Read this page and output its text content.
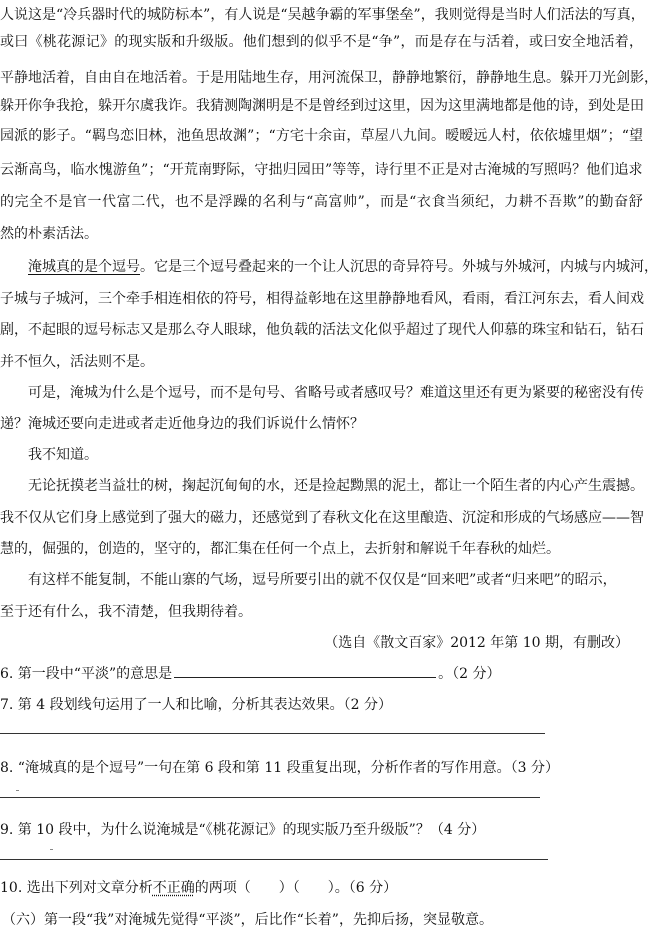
人 说 这 是 “ 冷 兵 器 时 代 的 城 防 标 本 ” ， 有 人 说 是 “ 吴 越 争 霸 的 军 事 堡 垒 ” ， 我 则 觉 得 是 当 时 人 们 活 法 的 写 真 ，
或 曰 《 桃 花 源 记 》 的 现 实 版 和 升 级 版 。 他 们 想 到 的 似 乎 不 是 “ 争 ” ， 而 是 存 在 与 活 着 ， 或 曰 安 全 地 活 着 ，
平 静 地 活 着 ， 自 由 自 在 地 活 着 。 于 是 用 陆 地 生 存 ， 用 河 流 保 卫 ， 静 静 地 繁 衍 ， 静 静 地 生 息 。 躲 开 刀 光 剑 影 ，
躲 开 你 争 我 抢 ， 躲 开 尔 虞 我 诈 。 我 猜 测 陶 渊 明 是 不 是 曾 经 到 过 这 里 ， 因 为 这 里 满 地 都 是 他 的 诗 ， 到 处 是 田
园 派 的 影 子 。 “ 羁 鸟 恋 旧 林 ， 池 鱼 思 故 渊 ” ； “ 方 宅 十 余 亩 ， 草 屋 八 九 间 。 暧 暧 远 人 村 ， 依 依 墟 里 烟 ” ； “ 望
云 渐 高 鸟 ， 临 水 愧 游 鱼 ” ； “ 开 荒 南 野 际 ， 守 拙 归 园 田 ” 等 等 ， 诗 行 里 不 正 是 对 古 淹 城 的 写 照 吗 ？ 他 们 追 求
的 完 全 不 是 官 一 代 富 二 代 ， 也 不 是 浮 躁 的 名 利 与 “ 高 富 帅 ” ， 而 是 “ 衣 食 当 须 纪 ， 力 耕 不 吾 欺 ” 的 勤 奋 舒
然的朴素活法。
淹城真的是个逗号。它是三个逗号叠起来的一个让人沉思的奇异符号。外城与外城河，内城与内城河，
子 城 与 子 城 河 ， 三 个 牵 手 相 连 相 依 的 符 号 ， 相 得 益 彰 地 在 这 里 静 静 地 看 风 ， 看 雨 ， 看 江 河 东 去 ， 看 人 间 戏
剧 ， 不 起 眼 的 逗 号 标 志 又 是 那 么 夺 人 眼 球 ， 他 负 载 的 活 法 文 化 似 乎 超 过 了 现 代 人 仰 慕 的 珠 宝 和 钻 石 ， 钻 石
并不恒久，活法则不是。
可是，淹城为什么是个逗号，而不是句号、省略号或者感叹号？难道这里还有更为紧要的秘密没有传
递？淹城还要向走进或者走近他身边的我们诉说什么情怀？
我不知道。
无论抚摸老当益壮的树，掬起沉甸甸的水，还是捡起黝黑的泥土，都让一个陌生者的内心产生震撼。
我 不 仅 从 它 们 身 上 感 觉 到 了 强 大 的 磁 力 ， 还 感 觉 到 了 春 秋 文 化 在 这 里 酿 造 、 沉 淀 和 形 成 的 气 场 感 应 — — 智
慧的，倔强的，创造的，坚守的，都汇集在任何一个点上，去折射和解说千年春秋的灿烂。
有这样不能复制，不能山寨的气场，逗号所要引出的就不仅仅是“回来吧”或者“归来吧”的昭示，
至于还有什么，我不清楚，但我期待着。
（选自《散文百家》2012 年第 10 期，有删改）
6. 第一段中“平淡”的意思是	。（2 分）
7. 第 4 段划线句运用了一人和比喻，分析其表达效果。（2 分）
8. “淹城真的是个逗号”一句在第 6 段和第 11 段重复出现，分析作者的写作用意。（3 分）
9. 第 10 段中，为什么说淹城是“《桃花源记》的现实版乃至升级版”？（4 分）
10. 选出下列对文章分析不正确的两项（　　）（　　）。（6 分）
（六）第一段“我”对淹城先觉得“平淡”，后比作“长着”，先抑后扬，突显敬意。
